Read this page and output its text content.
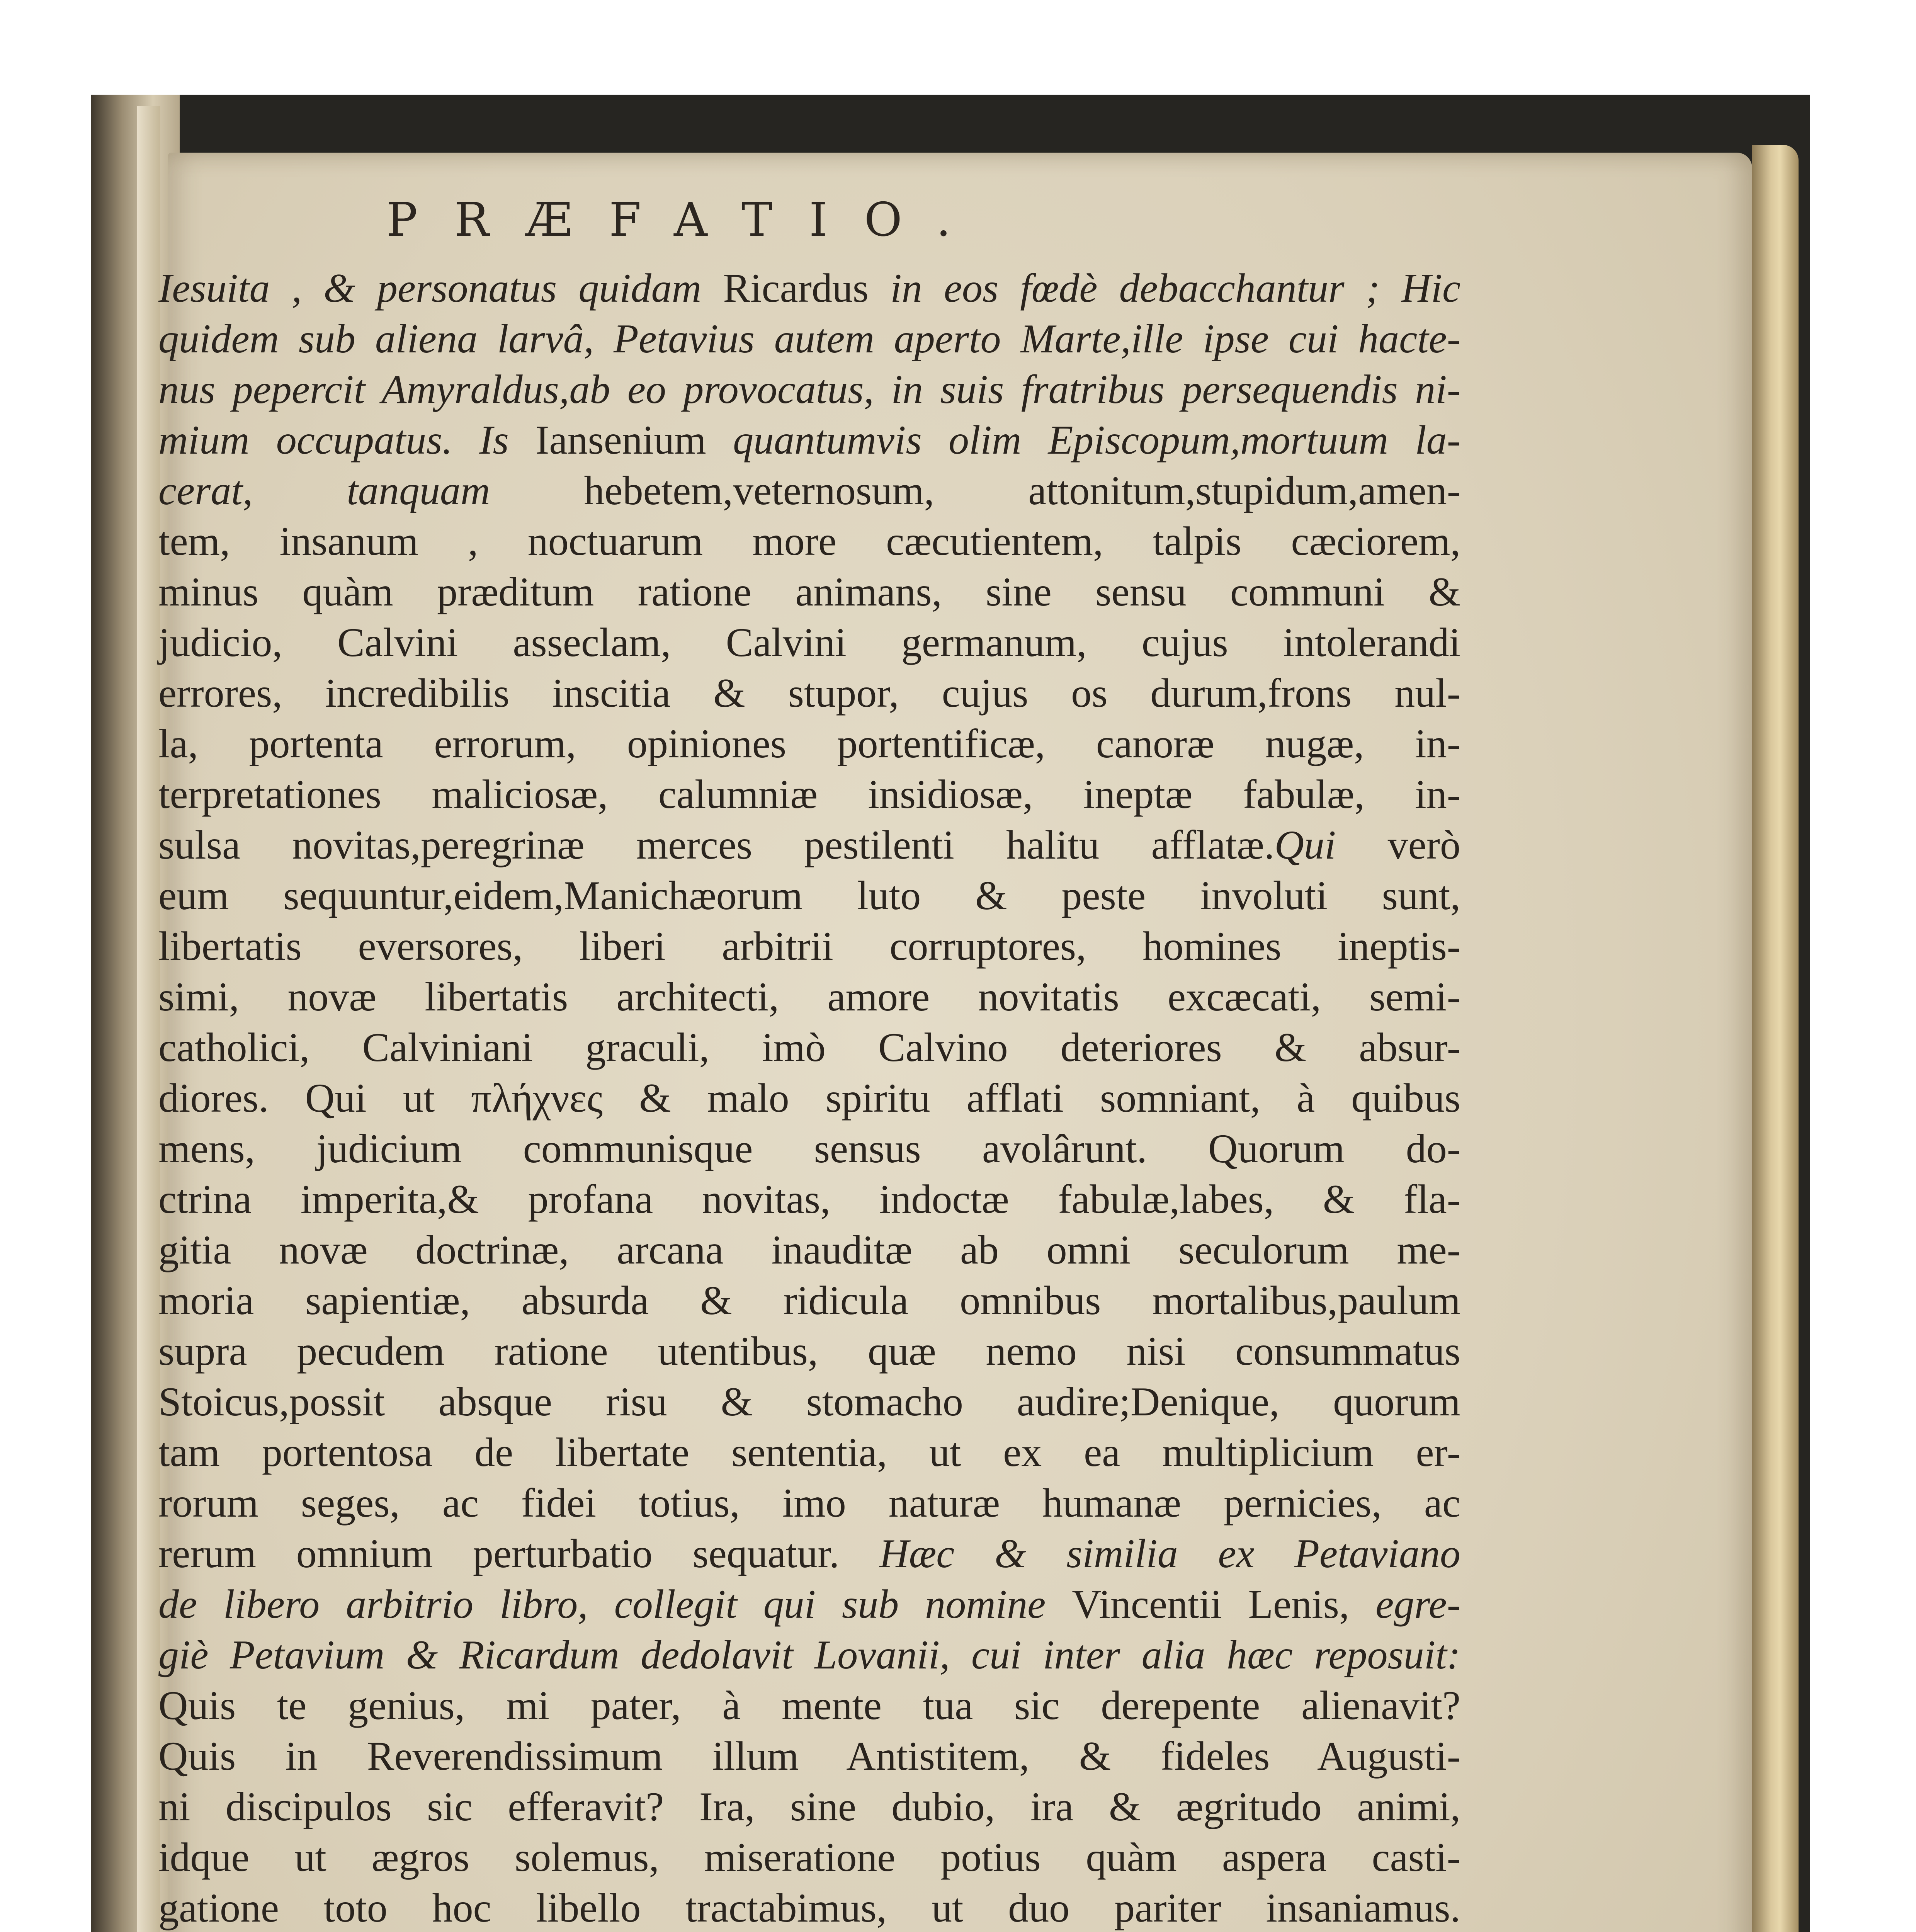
PRÆFATIO.
Iesuita , & personatus quidam Ricardus in eos fœdè debacchantur ; Hic
quidem sub aliena larvâ, Petavius autem aperto Marte,ille ipse cui hacte-
nus pepercit Amyraldus,ab eo provocatus, in suis fratribus persequendis ni-
mium occupatus. Is Iansenium quantumvis olim Episcopum,mortuum la-
cerat, tanquam hebetem,veternosum, attonitum,stupidum,amen-
tem, insanum , noctuarum more cæcutientem, talpis cæciorem,
minus quàm præditum ratione animans, sine sensu communi &
judicio, Calvini asseclam, Calvini germanum, cujus intolerandi
errores, incredibilis inscitia & stupor, cujus os durum,frons nul-
la, portenta errorum, opiniones portentificæ, canoræ nugæ, in-
terpretationes maliciosæ, calumniæ insidiosæ, ineptæ fabulæ, in-
sulsa novitas,peregrinæ merces pestilenti halitu afflatæ.Qui verò
eum sequuntur,eidem,Manichæorum luto & peste involuti sunt,
libertatis eversores, liberi arbitrii corruptores, homines ineptis-
simi, novæ libertatis architecti, amore novitatis excæcati, semi-
catholici, Calviniani graculi, imò Calvino deteriores & absur-
diores. Qui ut πλήχνες & malo spiritu afflati somniant, à quibus
mens, judicium communisque sensus avolârunt. Quorum do-
ctrina imperita,& profana novitas, indoctæ fabulæ,labes, & fla-
gitia novæ doctrinæ, arcana inauditæ ab omni seculorum me-
moria sapientiæ, absurda & ridicula omnibus mortalibus,paulum
supra pecudem ratione utentibus, quæ nemo nisi consummatus
Stoicus,possit absque risu & stomacho audire;Denique, quorum
tam portentosa de libertate sententia, ut ex ea multiplicium er-
rorum seges, ac fidei totius, imo naturæ humanæ pernicies, ac
rerum omnium perturbatio sequatur. Hæc & similia ex Petaviano
de libero arbitrio libro, collegit qui sub nomine Vincentii Lenis, egre-
giè Petavium & Ricardum dedolavit Lovanii, cui inter alia hæc reposuit:
Quis te genius, mi pater, à mente tua sic derepente alienavit?
Quis in Reverendissimum illum Antistitem, & fideles Augusti-
ni discipulos sic efferavit? Ira, sine dubio, ira & ægritudo animi,
idque ut ægros solemus, miseratione potius quàm aspera casti-
gatione toto hoc libello tractabimus, ut duo pariter insaniamus.
